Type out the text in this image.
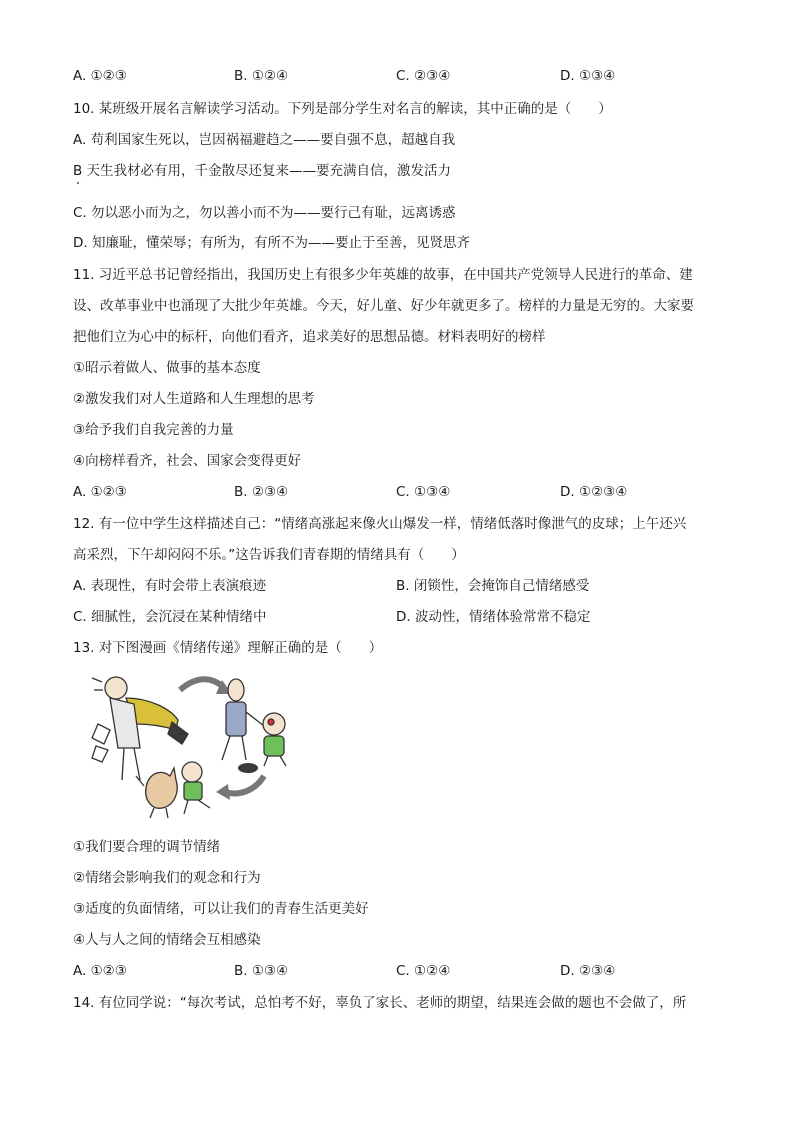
A. ①②③	B. ①②④	C. ②③④	D. ①③④
10. 某班级开展名言解读学习活动。下列是部分学生对名言的解读，其中正确的是（　　）
A. 苟利国家生死以，岂因祸福避趋之——要自强不息，超越自我
B 天生我材必有用，千金散尽还复来——要充满自信，激发活力
C. 勿以恶小而为之，勿以善小而不为——要行己有耻，远离诱惑
D. 知廉耻，懂荣辱；有所为，有所不为——要止于至善，见贤思齐
11. 习近平总书记曾经指出，我国历史上有很多少年英雄的故事，在中国共产党领导人民进行的革命、建
设、改革事业中也涌现了大批少年英雄。今天，好儿童、好少年就更多了。榜样的力量是无穷的。大家要
把他们立为心中的标杆，向他们看齐，追求美好的思想品德。材料表明好的榜样
①昭示着做人、做事的基本态度
②激发我们对人生道路和人生理想的思考
③给予我们自我完善的力量
④向榜样看齐，社会、国家会变得更好
A. ①②③	B. ②③④	C. ①③④	D. ①②③④
12. 有一位中学生这样描述自己：“情绪高涨起来像火山爆发一样，情绪低落时像泄气的皮球；上午还兴
高采烈，下午却闷闷不乐。”这告诉我们青春期的情绪具有（　　）
A. 表现性，有时会带上表演痕迹	B. 闭锁性，会掩饰自己情绪感受
C. 细腻性，会沉浸在某种情绪中	D. 波动性，情绪体验常常不稳定
13. 对下图漫画《情绪传递》理解正确的是（　　）
①我们要合理的调节情绪
②情绪会影响我们的观念和行为
③适度的负面情绪，可以让我们的青春生活更美好
④人与人之间的情绪会互相感染
A. ①②③	B. ①③④	C. ①②④	D. ②③④
14. 有位同学说：“每次考试，总怕考不好，辜负了家长、老师的期望，结果连会做的题也不会做了，所
